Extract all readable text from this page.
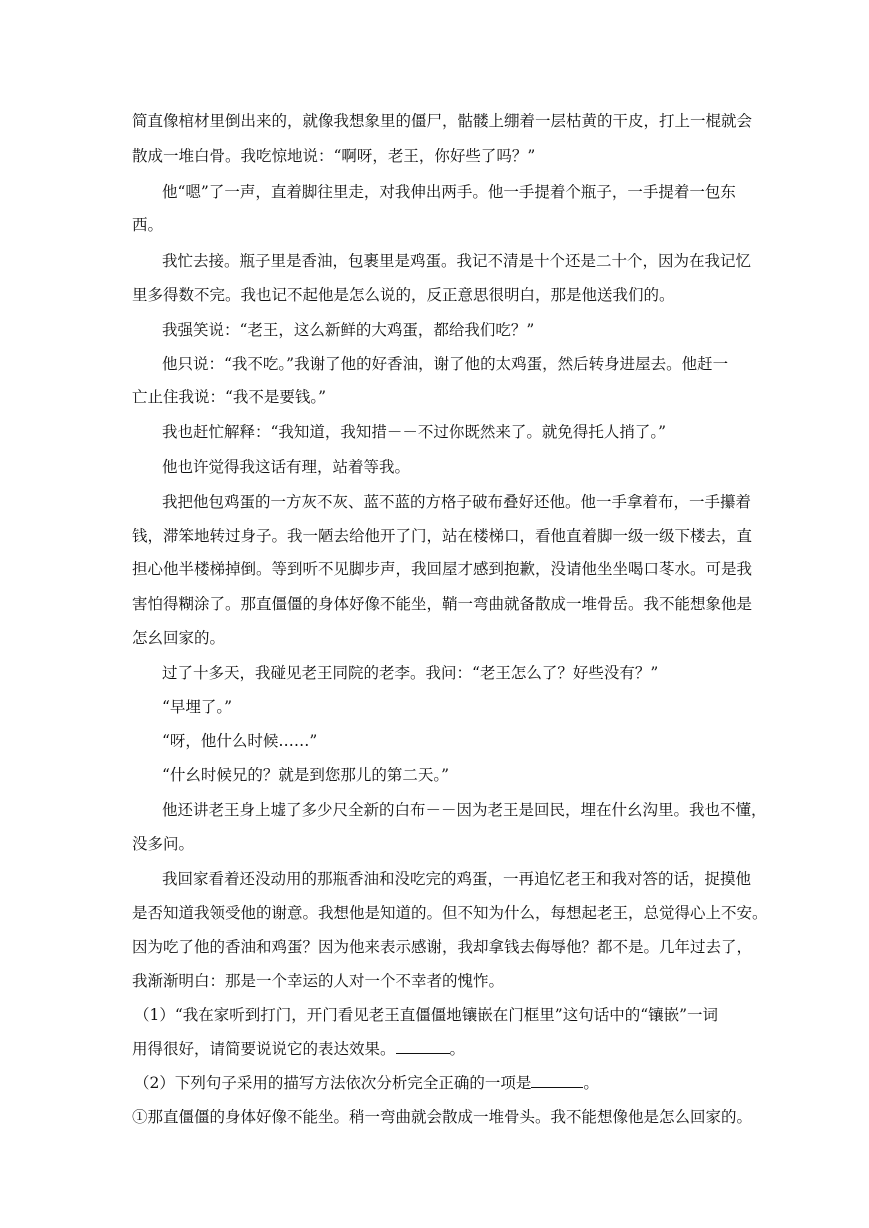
简直像棺材里倒出来的，就像我想象里的僵尸，骷髅上绷着一层枯黄的干皮，打上一棍就会
散成一堆白骨。我吃惊地说：“啊呀，老王，你好些了吗？”
他“嗯”了一声，直着脚往里走，对我伸出两手。他一手提着个瓶子，一手提着一包东
西。
我忙去接。瓶子里是香油，包裹里是鸡蛋。我记不清是十个还是二十个，因为在我记忆
里多得数不完。我也记不起他是怎么说的，反正意思很明白，那是他送我们的。
我强笑说：“老王，这么新鲜的大鸡蛋，都给我们吃？”
他只说：“我不吃。”我谢了他的好香油，谢了他的太鸡蛋，然后转身进屋去。他赶一
亡止住我说：“我不是要钱。”
我也赶忙解释：“我知道，我知措－－不过你既然来了。就免得托人捎了。”
他也许觉得我这话有理，站着等我。
我把他包鸡蛋的一方灰不灰、蓝不蓝的方格子破布叠好还他。他一手拿着布，一手攥着
钱，滞笨地转过身子。我一陋去给他开了门，站在楼梯口，看他直着脚一级一级下楼去，直
担心他半楼梯掉倒。等到听不见脚步声，我回屋才感到抱歉，没请他坐坐喝口苳水。可是我
害怕得糊涂了。那直僵僵的身体妤像不能坐，鞘一弯曲就备散成一堆骨岳。我不能想象他是
怎幺回家的。
过了十多天，我碰见老王同院的老李。我问：“老王怎么了？好些没有？”
“早埋了。”
“呀，他什么时候……”
“什幺时候兄的？就是到您那儿的第二天。”
他还讲老王身上墟了多少尺全新的白布－－因为老王是回民，埋在什幺沟里。我也不懂，
没多问。
我回家看着还没动用的那瓶香油和没吃完的鸡蛋，一再追忆老王和我对答的话，捉摸他
是否知道我领受他的谢意。我想他是知道的。但不知为什么，每想起老王，总觉得心上不安。
因为吃了他的香油和鸡蛋？因为他来表示感谢，我却拿钱去侮辱他？都不是。几年过去了，
我渐渐明白：那是一个幸运的人对一个不幸者的愧怍。
（1）“我在家听到打门，开门看见老王直僵僵地镶嵌在门框里”这句话中的“镶嵌”一词
用得很好，请简要说说它的表达效果。	。
（2）下列句子采用的描写方法依次分析完全正确的一项是	。
①那直僵僵的身体好像不能坐。稍一弯曲就会散成一堆骨头。我不能想像他是怎么回家的。
